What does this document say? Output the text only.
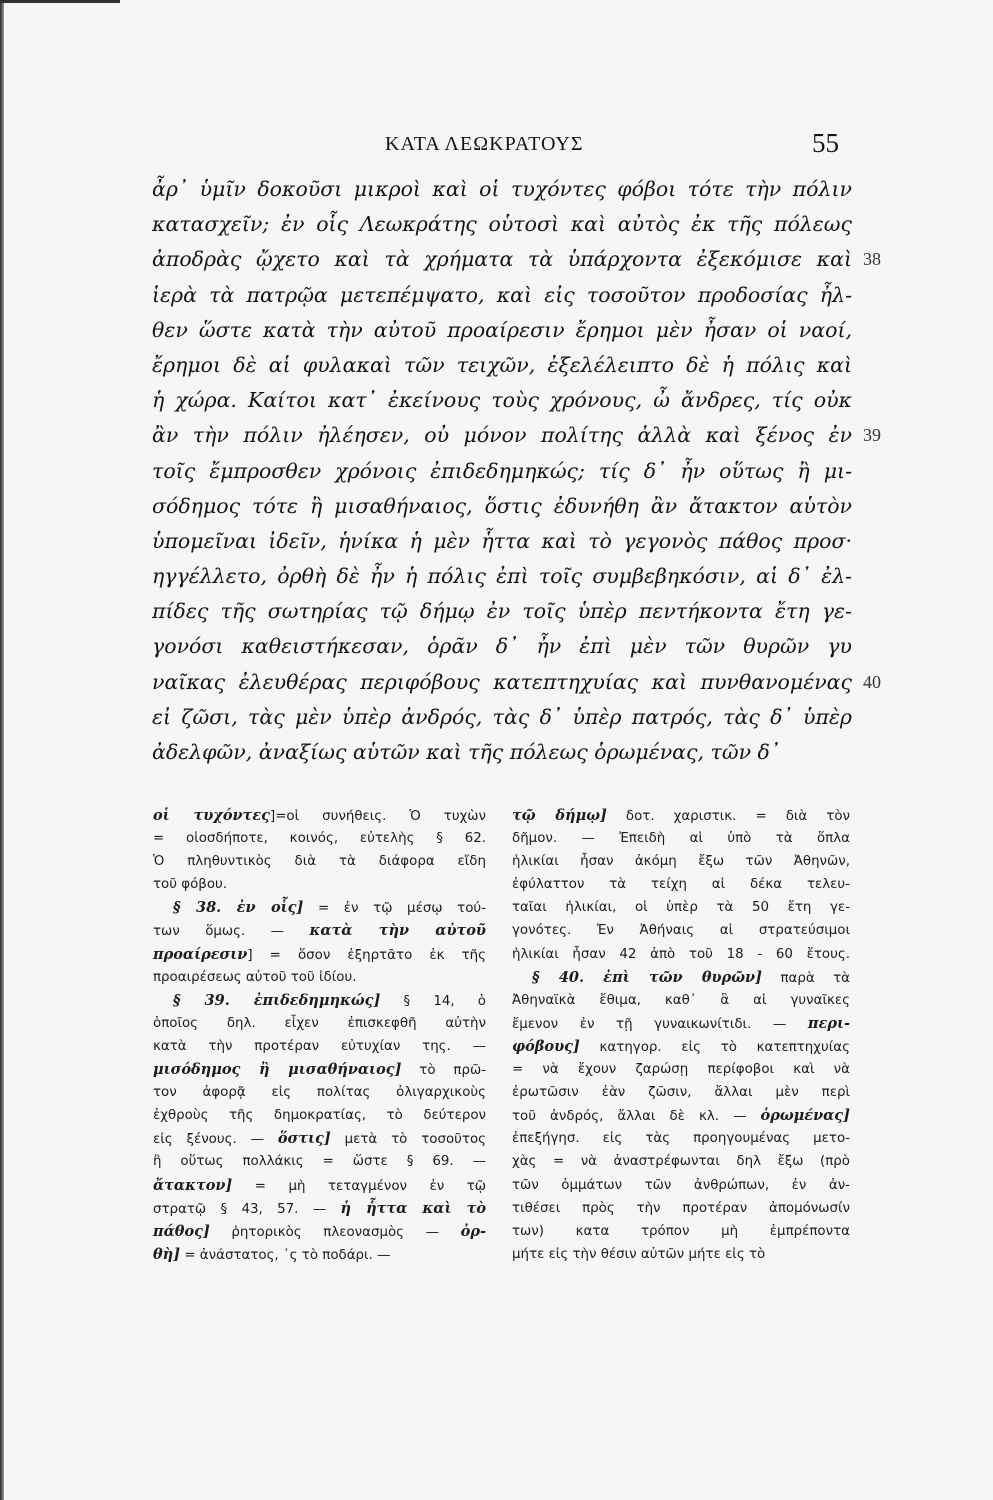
ΚΑΤΑ ΛΕΩΚΡΑΤΟΥΣ	55
ἆρ᾽ ὑμῖν δοκοῦσι μικροὶ καὶ οἱ τυχόντες φόβοι τότε τὴν πόλιν
κατασχεῖν; ἐν οἷς Λεωκράτης οὑτοσὶ καὶ αὐτὸς ἐκ τῆς πόλεως
ἀποδρὰς ᾤχετο καὶ τὰ χρήματα τὰ ὑπάρχοντα ἐξεκόμισε καὶ
ἱερὰ τὰ πατρῷα μετεπέμψατο, καὶ εἰς τοσοῦτον προδοσίας ἦλ-
θεν ὥστε κατὰ τὴν αὐτοῦ προαίρεσιν ἔρημοι μὲν ἦσαν οἱ ναοί,
ἔρημοι δὲ αἱ φυλακαὶ τῶν τειχῶν, ἐξελέλειπτο δὲ ἡ πόλις καὶ
ἡ χώρα. Καίτοι κατ᾽ ἐκείνους τοὺς χρόνους, ὦ ἄνδρες, τίς οὐκ
ἂν τὴν πόλιν ἠλέησεν, οὐ μόνον πολίτης ἀλλὰ καὶ ξένος ἐν
τοῖς ἔμπροσθεν χρόνοις ἐπιδεδημηκώς; τίς δ᾽ ἦν οὕτως ἢ μι-
σόδημος τότε ἢ μισαθήναιος, ὅστις ἐδυνήθη ἂν ἄτακτον αὑτὸν
ὑπομεῖναι ἰδεῖν, ἡνίκα ἡ μὲν ἧττα καὶ τὸ γεγονὸς πάθος προσ·
ηγγέλλετο, ὀρθὴ δὲ ἦν ἡ πόλις ἐπὶ τοῖς συμβεβηκόσιν, αἱ δ᾽ ἐλ-
πίδες τῆς σωτηρίας τῷ δήμῳ ἐν τοῖς ὑπὲρ πεντήκοντα ἔτη γε-
γονόσι καθειστήκεσαν, ὁρᾶν δ᾽ ἦν ἐπὶ μὲν τῶν θυρῶν γυ
ναῖκας ἐλευθέρας περιφόβους κατεπτηχυίας καὶ πυνθανομένας
εἰ ζῶσι, τὰς μὲν ὑπὲρ ἀνδρός, τὰς δ᾽ ὑπὲρ πατρός, τὰς δ᾽ ὑπὲρ
ἀδελφῶν, ἀναξίως αὑτῶν καὶ τῆς πόλεως ὁρωμένας, τῶν δ᾽
38
39
40
οἱ τυχόντες]=οἱ συνήθεις. Ὁ τυχὼν
= οἱοσδήποτε, κοινός, εὐτελὴς § 62.
Ὁ πληθυντικὸς διὰ τὰ διάφορα εἴδη
τοῦ φόβου.
§ 38. ἐν οἷς] = ἐν τῷ μέσῳ τού-
των ὅμως. — κατὰ τὴν αὐτοῦ
προαίρεσιν] = ὅσον ἐξηρτᾶτο ἐκ τῆς
προαιρέσεως αὐτοῦ τοῦ ἰδίου.
§ 39. ἐπιδεδημηκώς] § 14, ὁ
ὁποῖος δηλ. εἶχεν ἐπισκεφθῆ αὐτὴν
κατὰ τὴν προτέραν εὐτυχίαν της. —
μισόδημος ἢ μισαθήναιος] τὸ πρῶ-
τον ἀφορᾷ εἰς πολίτας ὀλιγαρχικοὺς
ἐχθροὺς τῆς δημοκρατίας, τὸ δεύτερον
εἰς ξένους. — ὅστις] μετὰ τὸ τοσοῦτος
ἢ οὕτως πολλάκις = ὥστε § 69. —
ἄτακτον] = μὴ τεταγμένον ἐν τῷ
στρατῷ § 43, 57. — ἡ ἧττα καὶ τὸ
πάθος] ῥητορικὸς πλεονασμὸς — ὀρ-
θὴ] = ἀνάστατος, ᾽ς τὸ ποδάρι. —
τῷ δήμῳ] δοτ. χαριστικ. = διὰ τὸν
δῆμον. — Ἐπειδὴ αἱ ὑπὸ τὰ ὅπλα
ἡλικίαι ἦσαν ἀκόμη ἔξω τῶν Ἀθηνῶν,
ἐφύλαττον τὰ τείχη αἱ δέκα τελευ-
ταῖαι ἡλικίαι, οἱ ὑπὲρ τὰ 50 ἔτη γε-
γονότες. Ἐν Ἀθήναις αἱ στρατεύσιμοι
ἡλικίαι ἦσαν 42 ἀπὸ τοῦ 18 - 60 ἔτους.
§ 40. ἐπὶ τῶν θυρῶν] παρὰ τὰ
Ἀθηναϊκὰ ἔθιμα, καθ᾽ ἃ αἱ γυναῖκες
ἔμενον ἐν τῇ γυναικωνίτιδι. — περι-
φόβους] κατηγορ. εἰς τὸ κατεπτηχυίας
= νὰ ἔχουν ζαρώσῃ περίφοβοι καὶ νὰ
ἐρωτῶσιν ἐὰν ζῶσιν, ἄλλαι μὲν περὶ
τοῦ ἀνδρός, ἄλλαι δὲ κλ. — ὁρωμένας]
ἐπεξήγησ. εἰς τὰς προηγουμένας μετο-
χὰς = νὰ ἀναστρέφωνται δηλ ἔξω (πρὸ
τῶν ὀμμάτων τῶν ἀνθρώπων, ἐν ἀν-
τιθέσει πρὸς τὴν προτέραν ἀπομόνωσίν
των) κατα τρόπον μὴ ἐμπρέποντα
μήτε εἰς τὴν θέσιν αὐτῶν μήτε εἰς τὸ
